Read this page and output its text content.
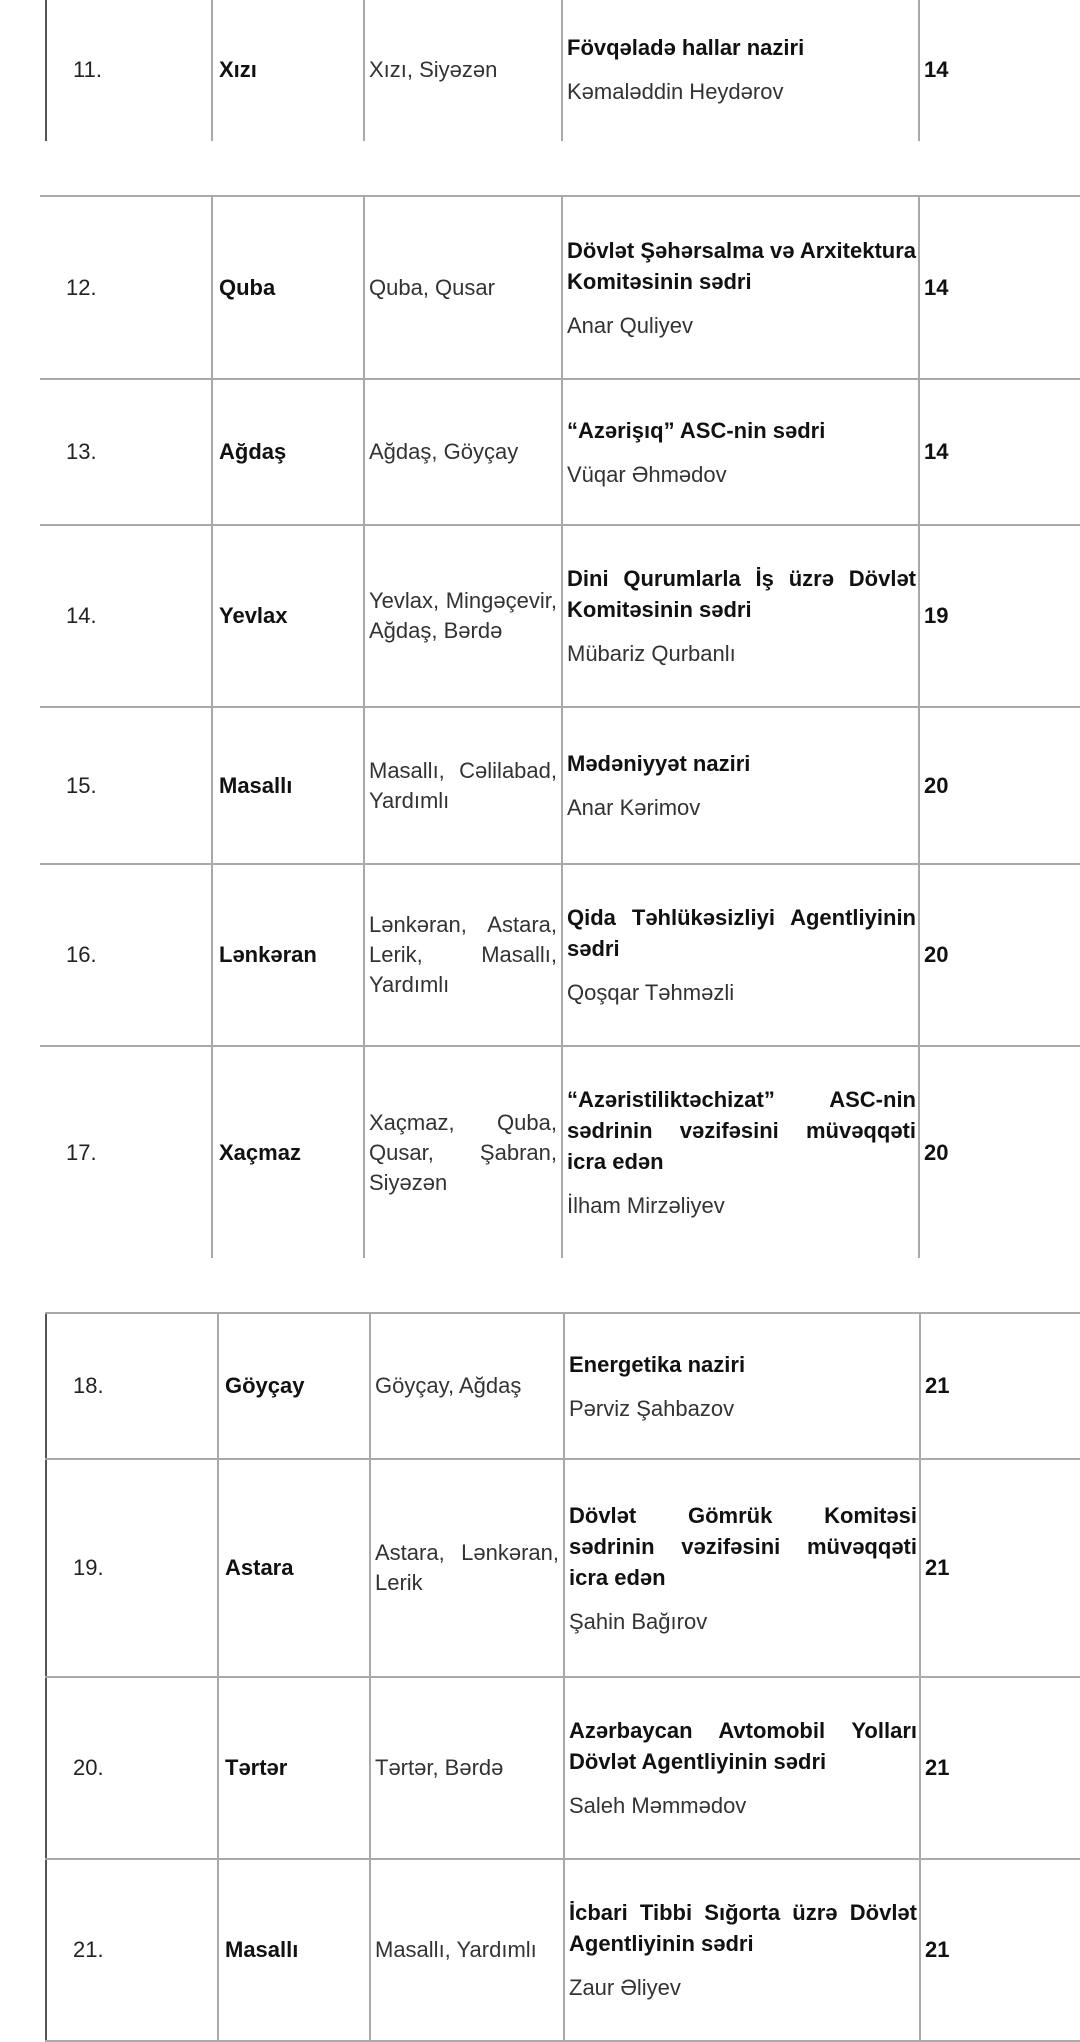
11.	Xızı	Xızı, Siyəzən	
Fövqəladə hallar naziri
Kəmaləddin Heydərov
	14
12.	Quba	Quba, Qusar	Dövlət Şəhərsalma və Arxitektura Komitəsinin sədri
Anar Quliyev	14
13.	Ağdaş	Ağdaş, Göyçay	“Azərişıq” ASC-nin sədri
Vüqar Əhmədov	14
14.	Yevlax	Yevlax, Mingəçevir, Ağdaş, Bərdə	Dini Qurumlarla İş üzrə Dövlət Komitəsinin sədri
Mübariz Qurbanlı	19
15.	Masallı	Masallı, Cəlilabad, Yardımlı	Mədəniyyət naziri
Anar Kərimov	20
16.	Lənkəran	Lənkəran, Astara, Lerik, Masallı, Yardımlı	Qida Təhlükəsizliyi Agentliyinin sədri
Qoşqar Təhməzli	20
17.	Xaçmaz	Xaçmaz, Quba, Qusar, Şabran, Siyəzən	“Azəristiliktəchizat” ASC-nin sədrinin vəzifəsini müvəqqəti icra edən
İlham Mirzəliyev	20
18.	Göyçay	Göyçay, Ağdaş	Energetika naziri
Pərviz Şahbazov	21
19.	Astara	Astara, Lənkəran, Lerik	Dövlət Gömrük Komitəsi sədrinin vəzifəsini müvəqqəti icra edən
Şahin Bağırov	21
20.	Tərtər	Tərtər, Bərdə	Azərbaycan Avtomobil Yolları Dövlət Agentliyinin sədri
Saleh Məmmədov	21
21.	Masallı	Masallı, Yardımlı	İcbari Tibbi Sığorta üzrə Dövlət Agentliyinin sədri
Zaur Əliyev	21
